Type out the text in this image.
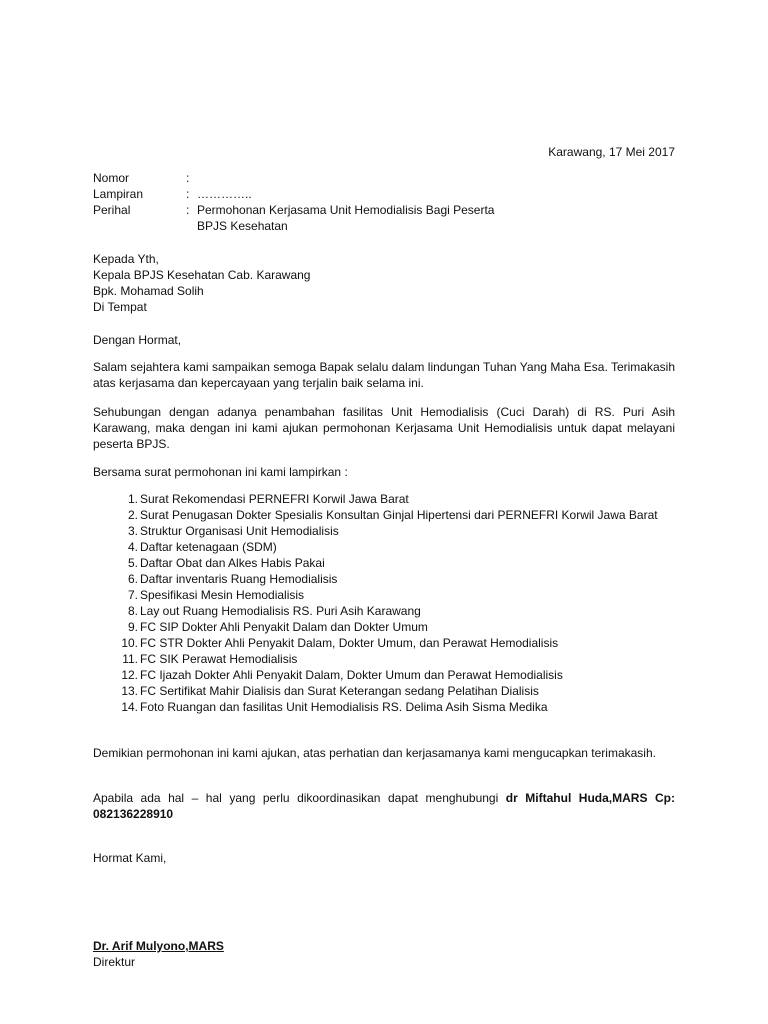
Karawang, 17 Mei 2017
Nomor	:
Lampiran	: …………..
Perihal	: Permohonan Kerjasama Unit Hemodialisis Bagi Peserta
BPJS Kesehatan
Kepada Yth,
Kepala BPJS Kesehatan Cab. Karawang
Bpk. Mohamad Solih
Di Tempat
Dengan Hormat,
Salam sejahtera kami sampaikan semoga Bapak selalu dalam lindungan Tuhan Yang Maha Esa. Terimakasih atas kerjasama dan kepercayaan yang terjalin baik selama ini.
Sehubungan dengan adanya penambahan fasilitas Unit Hemodialisis (Cuci Darah) di RS. Puri Asih Karawang, maka dengan ini kami ajukan permohonan Kerjasama Unit Hemodialisis untuk dapat melayani peserta BPJS.
Bersama surat permohonan ini kami lampirkan :
1. Surat Rekomendasi PERNEFRI Korwil Jawa Barat
2. Surat Penugasan Dokter Spesialis Konsultan Ginjal Hipertensi dari PERNEFRI Korwil Jawa Barat
3. Struktur Organisasi Unit Hemodialisis
4. Daftar ketenagaan (SDM)
5. Daftar Obat dan Alkes Habis Pakai
6. Daftar inventaris Ruang Hemodialisis
7. Spesifikasi Mesin Hemodialisis
8. Lay out Ruang Hemodialisis RS. Puri Asih Karawang
9. FC SIP Dokter Ahli Penyakit Dalam dan Dokter Umum
10. FC STR Dokter Ahli Penyakit Dalam, Dokter Umum, dan Perawat Hemodialisis
11. FC SIK Perawat Hemodialisis
12. FC Ijazah Dokter Ahli Penyakit Dalam, Dokter Umum dan Perawat Hemodialisis
13. FC Sertifikat Mahir Dialisis dan Surat Keterangan sedang Pelatihan Dialisis
14. Foto Ruangan dan fasilitas Unit Hemodialisis RS. Delima Asih Sisma Medika
Demikian permohonan ini kami ajukan, atas perhatian dan kerjasamanya kami mengucapkan terimakasih.
Apabila ada hal – hal yang perlu dikoordinasikan dapat menghubungi dr Miftahul Huda,MARS Cp: 082136228910
Hormat Kami,
Dr. Arif Mulyono,MARS
Direktur
